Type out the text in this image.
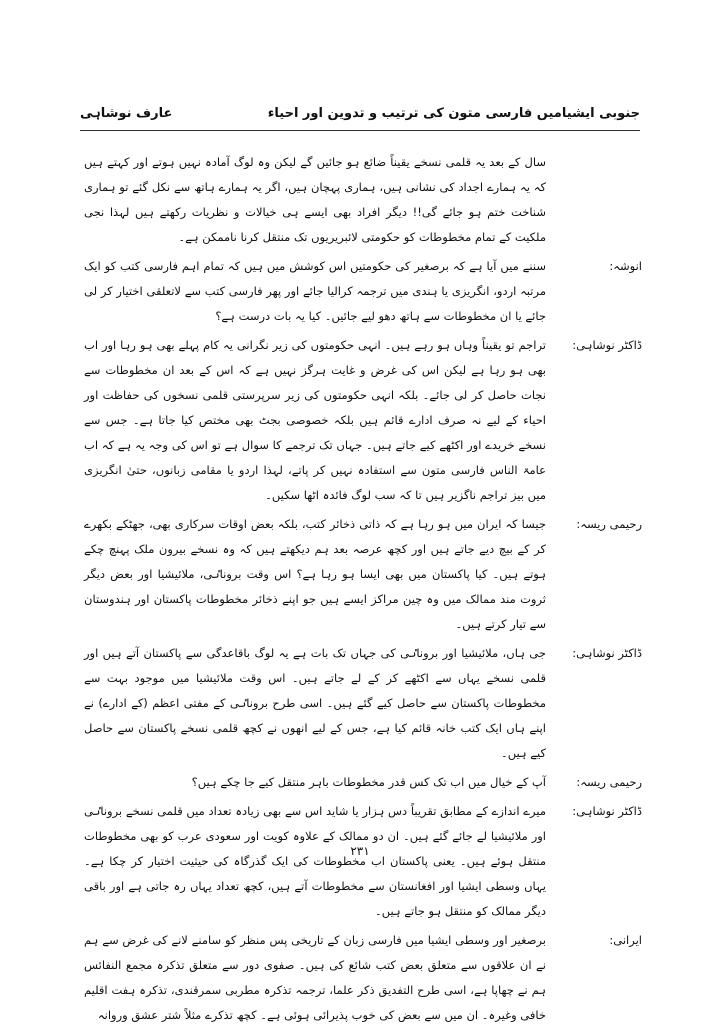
جنوبی ایشیامیں فارسی متون کی ترتیب و تدوین اور احیاء
عارف نوشاہی
سال کے بعد یہ قلمی نسخے یقیناً ضائع ہو جائیں گے لیکن وہ لوگ آمادہ نہیں ہوتے اور کہتے ہیں کہ یہ ہمارے اجداد کی نشانی ہیں، ہماری پہچان ہیں، اگر یہ ہمارے ہاتھ سے نکل گئے تو ہماری شناخت ختم ہو جائے گی!! دیگر افراد بھی ایسے ہی خیالات و نظریات رکھتے ہیں لہذا نجی ملکیت کے تمام مخطوطات کو حکومتی لائبریریوں تک منتقل کرنا ناممکن ہے۔
انوشہ:
سننے میں آیا ہے کہ برصغیر کی حکومتیں اس کوشش میں ہیں کہ تمام اہم فارسی کتب کو ایک مرتبہ اردو، انگریزی یا ہندی میں ترجمہ کرالیا جائے اور پھر فارسی کتب سے لاتعلقی اختیار کر لی جائے یا ان مخطوطات سے ہاتھ دھو لیے جائیں۔ کیا یہ بات درست ہے؟
ڈاکٹر نوشاہی:
تراجم تو یقیناً وہاں ہو رہے ہیں۔ انہی حکومتوں کی زیر نگرانی یہ کام پہلے بھی ہو رہا اور اب بھی ہو رہا ہے لیکن اس کی غرض و غایت ہرگز نہیں ہے کہ اس کے بعد ان مخطوطات سے نجات حاصل کر لی جائے۔ بلکہ انہی حکومتوں کی زیر سرپرستی قلمی نسخوں کی حفاظت اور احیاء کے لیے نہ صرف ادارے قائم ہیں بلکہ خصوصی بجٹ بھی مختص کیا جاتا ہے۔ جس سے نسخے خریدے اور اکٹھے کیے جاتے ہیں۔ جہاں تک ترجمے کا سوال ہے تو اس کی وجہ یہ ہے کہ اب عامۃ الناس فارسی متون سے استفادہ نہیں کر پاتے، لہذا اردو یا مقامی زبانوں، حتیٰ انگریزی میں بیز تراجم ناگزیر ہیں تا کہ سب لوگ فائدہ اٹھا سکیں۔
رحیمی ریسہ:
جیسا کہ ایران میں ہو رہا ہے کہ ذاتی ذخائر کتب، بلکہ بعض اوقات سرکاری بھی، جھٹکے بکھرے کر کے بیچ دیے جاتے ہیں اور کچھ عرصہ بعد ہم دیکھتے ہیں کہ وہ نسخے بیرون ملک پہنچ چکے ہوتے ہیں۔ کیا پاکستان میں بھی ایسا ہو رہا ہے؟ اس وقت بروناٸی، ملائیشیا اور بعض دیگر ثروت مند ممالک میں وہ چین مراکز ایسے ہیں جو اپنے ذخائر مخطوطات پاکستان اور ہندوستان سے تیار کرتے ہیں۔
ڈاکٹر نوشاہی:
جی ہاں، ملائیشیا اور بروناٸی کی جہاں تک بات ہے یہ لوگ باقاعدگی سے پاکستان آتے ہیں اور قلمی نسخے یہاں سے اکٹھے کر کے لے جاتے ہیں۔ اس وقت ملائیشیا میں موجود بہت سے مخطوطات پاکستان سے حاصل کیے گئے ہیں۔ اسی طرح بروناٸی کے مفتی اعظم (کے ادارے) نے اپنے ہاں ایک کتب خانہ قائم کیا ہے، جس کے لیے انھوں نے کچھ قلمی نسخے پاکستان سے حاصل کیے ہیں۔
رحیمی ریسہ:
آپ کے خیال میں اب تک کس قدر مخطوطات باہر منتقل کیے جا چکے ہیں؟
ڈاکٹر نوشاہی:
میرے اندازے کے مطابق تقریباً دس ہزار یا شاید اس سے بھی زیادہ تعداد میں قلمی نسخے بروناٸی اور ملائیشیا لے جائے گئے ہیں۔ ان دو ممالک کے علاوہ کویت اور سعودی عرب کو بھی مخطوطات منتقل ہوئے ہیں۔ یعنی پاکستان اب مخطوطات کی ایک گذرگاہ کی حیثیت اختیار کر چکا ہے۔ یہاں وسطی ایشیا اور افغانستان سے مخطوطات آتے ہیں، کچھ تعداد یہاں رہ جاتی ہے اور باقی دیگر ممالک کو منتقل ہو جاتے ہیں۔
ایرانی:
برصغیر اور وسطی ایشیا میں فارسی زبان کے تاریخی پس منظر کو سامنے لانے کی غرض سے ہم نے ان علاقوں سے متعلق بعض کتب شائع کی ہیں۔ صفوی دور سے متعلق تذکرہ مجمع النفائس ہم نے چھاپا ہے، اسی طرح التفدیق ذکر علما، ترجمہ تذکرہ مطربی سمرقندی، تذکرہ ہفت اقلیم خافی وغیرہ۔ ان میں سے بعض کی خوب پذیرائی ہوئی ہے۔ کچھ تذکرے مثلاً شتر عشق وروانہ
۲۳۱
